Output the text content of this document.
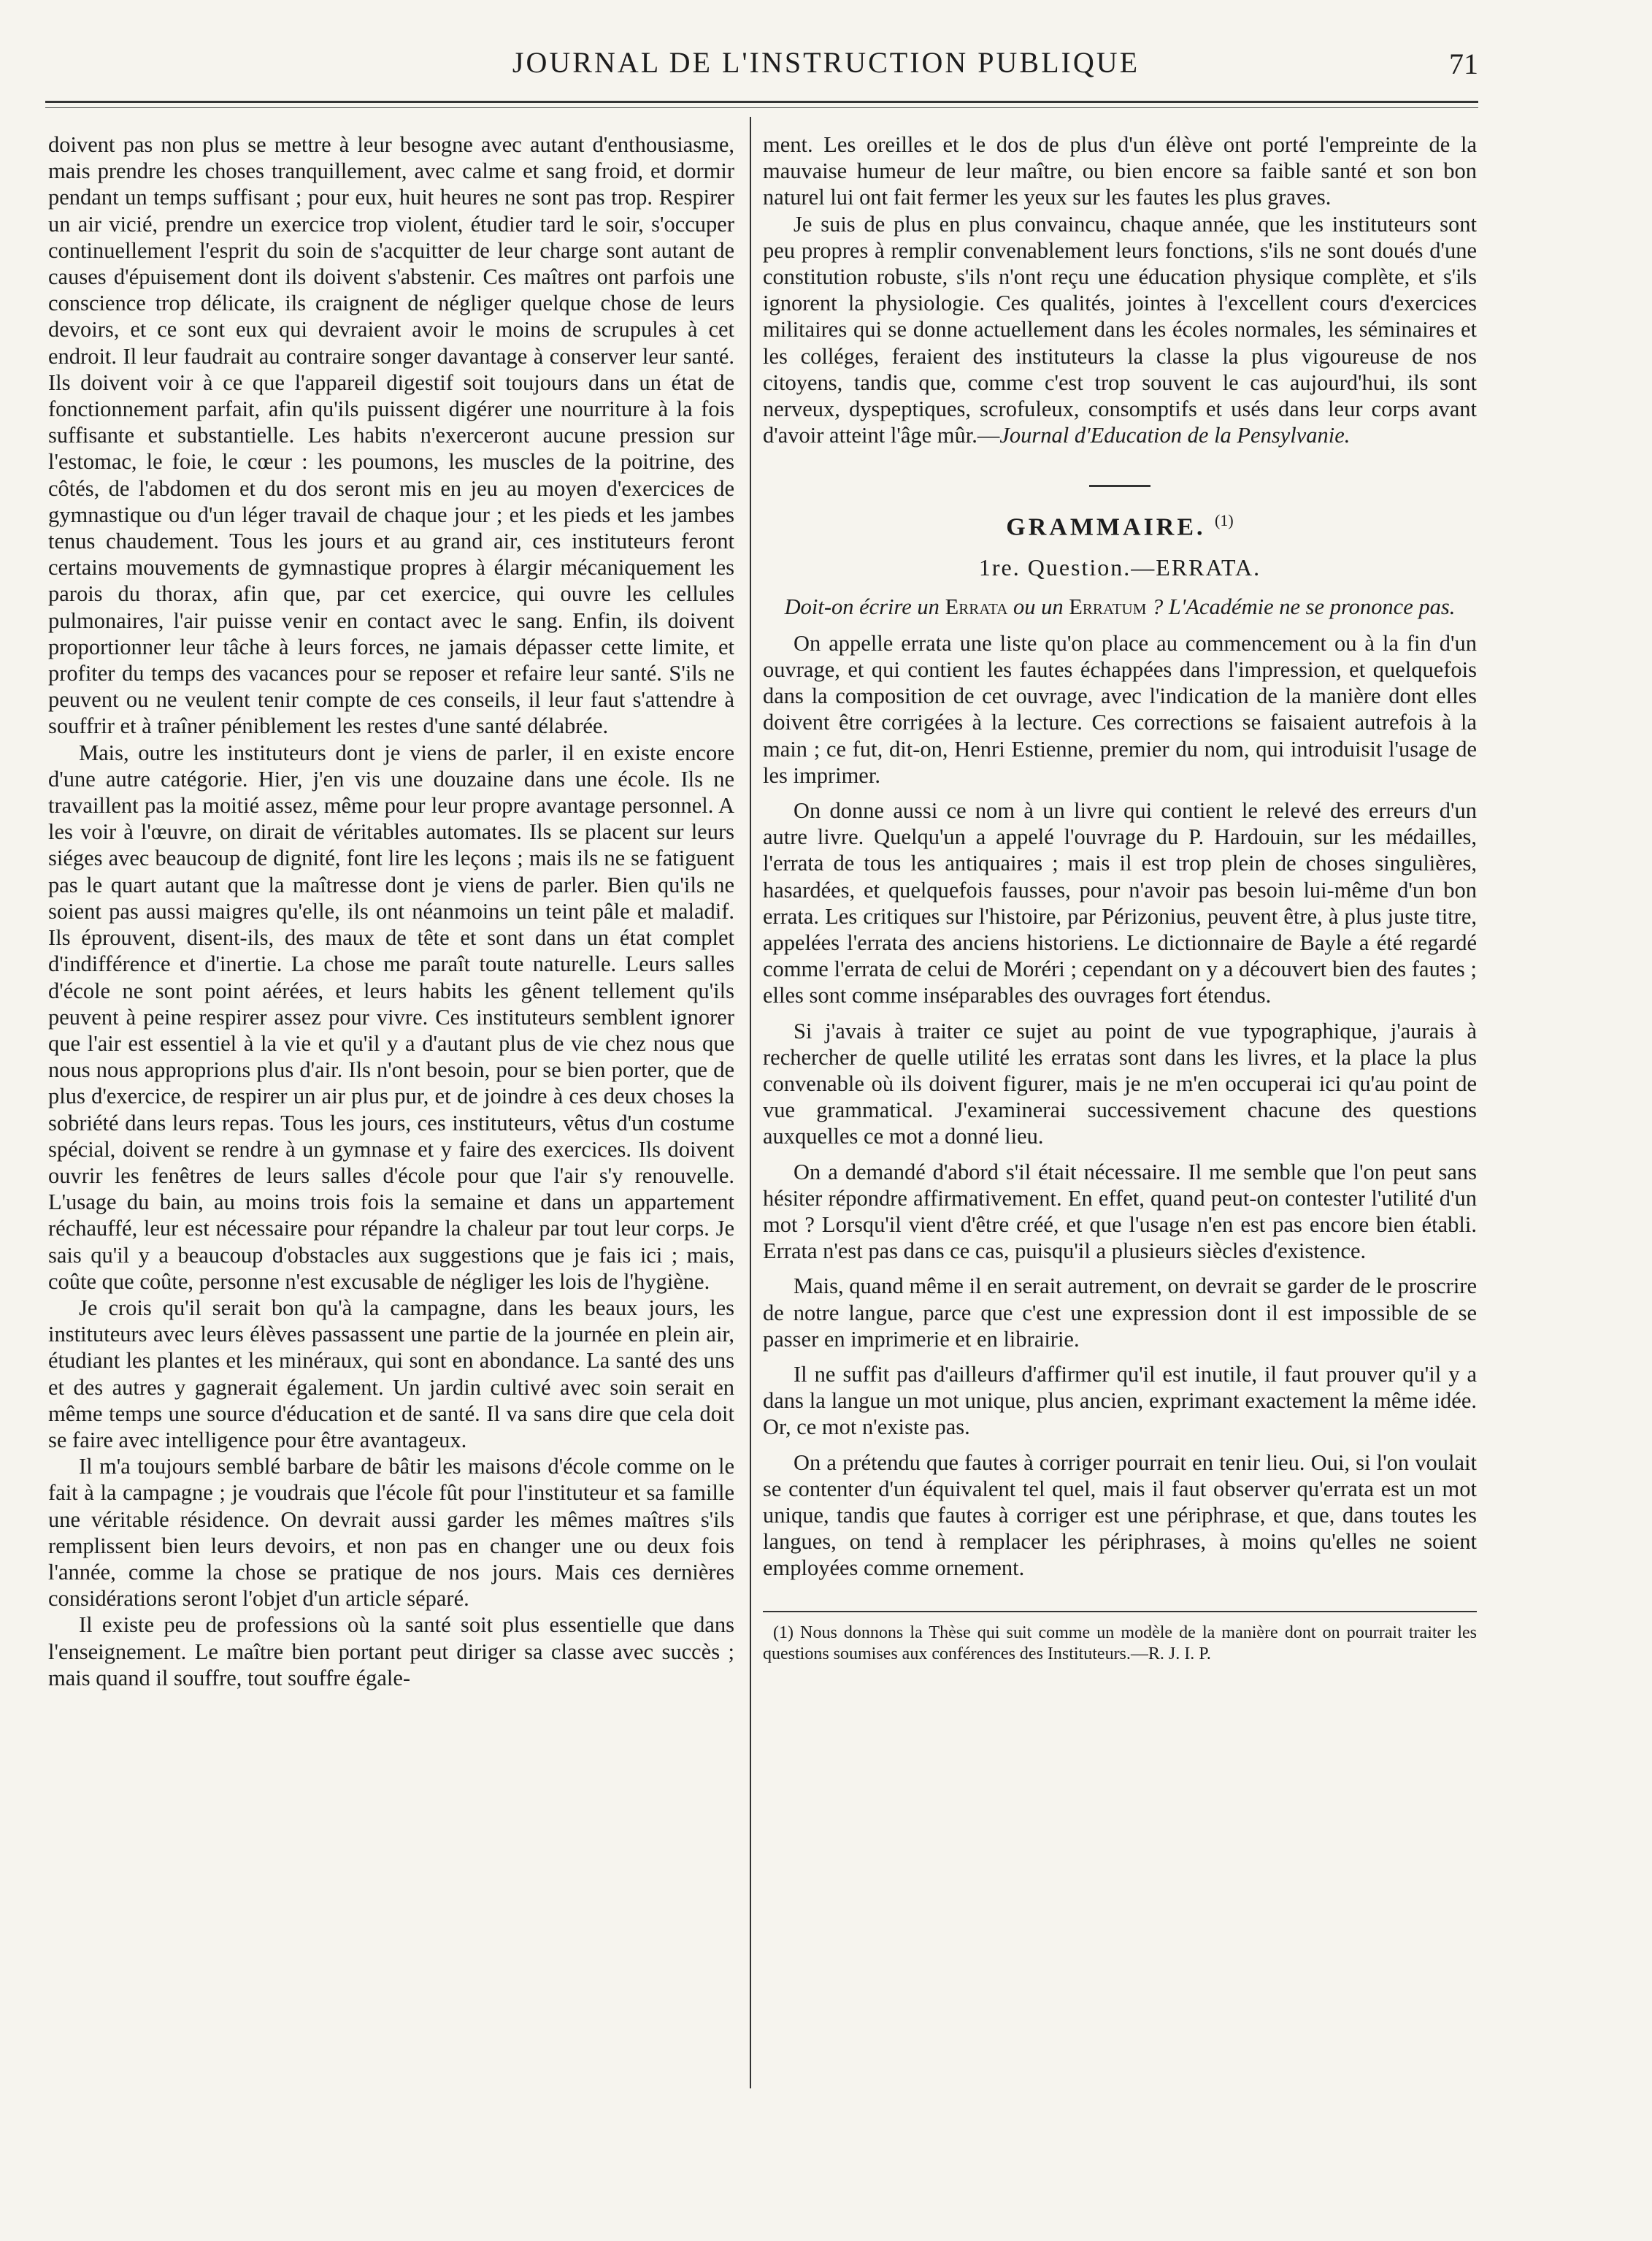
JOURNAL DE L'INSTRUCTION PUBLIQUE	71

doivent pas non plus se mettre à leur besogne avec autant d'enthousiasme, mais prendre les choses tranquillement, avec calme et sang froid, et dormir pendant un temps suffisant ; pour eux, huit heures ne sont pas trop. Respirer un air vicié, prendre un exercice trop violent, étudier tard le soir, s'occuper continuellement l'esprit du soin de s'acquitter de leur charge sont autant de causes d'épuisement dont ils doivent s'abstenir. Ces maîtres ont parfois une conscience trop délicate, ils craignent de négliger quelque chose de leurs devoirs, et ce sont eux qui devraient avoir le moins de scrupules à cet endroit. Il leur faudrait au contraire songer davantage à conserver leur santé. Ils doivent voir à ce que l'appareil digestif soit toujours dans un état de fonctionnement parfait, afin qu'ils puissent digérer une nourriture à la fois suffisante et substantielle. Les habits n'exerceront aucune pression sur l'estomac, le foie, le cœur : les poumons, les muscles de la poitrine, des côtés, de l'abdomen et du dos seront mis en jeu au moyen d'exercices de gymnastique ou d'un léger travail de chaque jour ; et les pieds et les jambes tenus chaudement. Tous les jours et au grand air, ces instituteurs feront certains mouvements de gymnastique propres à élargir mécaniquement les parois du thorax, afin que, par cet exercice, qui ouvre les cellules pulmonaires, l'air puisse venir en contact avec le sang. Enfin, ils doivent proportionner leur tâche à leurs forces, ne jamais dépasser cette limite, et profiter du temps des vacances pour se reposer et refaire leur santé. S'ils ne peuvent ou ne veulent tenir compte de ces conseils, il leur faut s'attendre à souffrir et à traîner péniblement les restes d'une santé délabrée.

Mais, outre les instituteurs dont je viens de parler, il en existe encore d'une autre catégorie. Hier, j'en vis une douzaine dans une école. Ils ne travaillent pas la moitié assez, même pour leur propre avantage personnel. A les voir à l'œuvre, on dirait de véritables automates. Ils se placent sur leurs siéges avec beaucoup de dignité, font lire les leçons ; mais ils ne se fatiguent pas le quart autant que la maîtresse dont je viens de parler. Bien qu'ils ne soient pas aussi maigres qu'elle, ils ont néanmoins un teint pâle et maladif. Ils éprouvent, disent-ils, des maux de tête et sont dans un état complet d'indifférence et d'inertie. La chose me paraît toute naturelle. Leurs salles d'école ne sont point aérées, et leurs habits les gênent tellement qu'ils peuvent à peine respirer assez pour vivre. Ces instituteurs semblent ignorer que l'air est essentiel à la vie et qu'il y a d'autant plus de vie chez nous que nous nous approprions plus d'air. Ils n'ont besoin, pour se bien porter, que de plus d'exercice, de respirer un air plus pur, et de joindre à ces deux choses la sobriété dans leurs repas. Tous les jours, ces instituteurs, vêtus d'un costume spécial, doivent se rendre à un gymnase et y faire des exercices. Ils doivent ouvrir les fenêtres de leurs salles d'école pour que l'air s'y renouvelle. L'usage du bain, au moins trois fois la semaine et dans un appartement réchauffé, leur est nécessaire pour répandre la chaleur par tout leur corps. Je sais qu'il y a beaucoup d'obstacles aux suggestions que je fais ici ; mais, coûte que coûte, personne n'est excusable de négliger les lois de l'hygiène.

Je crois qu'il serait bon qu'à la campagne, dans les beaux jours, les instituteurs avec leurs élèves passassent une partie de la journée en plein air, étudiant les plantes et les minéraux, qui sont en abondance. La santé des uns et des autres y gagnerait également. Un jardin cultivé avec soin serait en même temps une source d'éducation et de santé. Il va sans dire que cela doit se faire avec intelligence pour être avantageux.

Il m'a toujours semblé barbare de bâtir les maisons d'école comme on le fait à la campagne ; je voudrais que l'école fût pour l'instituteur et sa famille une véritable résidence. On devrait aussi garder les mêmes maîtres s'ils remplissent bien leurs devoirs, et non pas en changer une ou deux fois l'année, comme la chose se pratique de nos jours. Mais ces dernières considérations seront l'objet d'un article séparé.

Il existe peu de professions où la santé soit plus essentielle que dans l'enseignement. Le maître bien portant peut diriger sa classe avec succès ; mais quand il souffre, tout souffre égale-

ment. Les oreilles et le dos de plus d'un élève ont porté l'empreinte de la mauvaise humeur de leur maître, ou bien encore sa faible santé et son bon naturel lui ont fait fermer les yeux sur les fautes les plus graves.

Je suis de plus en plus convaincu, chaque année, que les instituteurs sont peu propres à remplir convenablement leurs fonctions, s'ils ne sont doués d'une constitution robuste, s'ils n'ont reçu une éducation physique complète, et s'ils ignorent la physiologie. Ces qualités, jointes à l'excellent cours d'exercices militaires qui se donne actuellement dans les écoles normales, les séminaires et les colléges, feraient des instituteurs la classe la plus vigoureuse de nos citoyens, tandis que, comme c'est trop souvent le cas aujourd'hui, ils sont nerveux, dyspeptiques, scrofuleux, consomptifs et usés dans leur corps avant d'avoir atteint l'âge mûr.—Journal d'Education de la Pensylvanie.

GRAMMAIRE. $^{(1)}$
1re. Question.—ERRATA.
Doit-on écrire un Errata ou un Erratum ? L'Académie ne se prononce pas.

On appelle errata une liste qu'on place au commencement ou à la fin d'un ouvrage, et qui contient les fautes échappées dans l'impression, et quelquefois dans la composition de cet ouvrage, avec l'indication de la manière dont elles doivent être corrigées à la lecture. Ces corrections se faisaient autrefois à la main ; ce fut, dit-on, Henri Estienne, premier du nom, qui introduisit l'usage de les imprimer.

On donne aussi ce nom à un livre qui contient le relevé des erreurs d'un autre livre. Quelqu'un a appelé l'ouvrage du P. Hardouin, sur les médailles, l'errata de tous les antiquaires ; mais il est trop plein de choses singulières, hasardées, et quelquefois fausses, pour n'avoir pas besoin lui-même d'un bon errata. Les critiques sur l'histoire, par Périzonius, peuvent être, à plus juste titre, appelées l'errata des anciens historiens. Le dictionnaire de Bayle a été regardé comme l'errata de celui de Moréri ; cependant on y a découvert bien des fautes ; elles sont comme inséparables des ouvrages fort étendus.

Si j'avais à traiter ce sujet au point de vue typographique, j'aurais à rechercher de quelle utilité les erratas sont dans les livres, et la place la plus convenable où ils doivent figurer, mais je ne m'en occuperai ici qu'au point de vue grammatical. J'examinerai successivement chacune des questions auxquelles ce mot a donné lieu.

On a demandé d'abord s'il était nécessaire. Il me semble que l'on peut sans hésiter répondre affirmativement. En effet, quand peut-on contester l'utilité d'un mot ? Lorsqu'il vient d'être créé, et que l'usage n'en est pas encore bien établi. Errata n'est pas dans ce cas, puisqu'il a plusieurs siècles d'existence.

Mais, quand même il en serait autrement, on devrait se garder de le proscrire de notre langue, parce que c'est une expression dont il est impossible de se passer en imprimerie et en librairie.

Il ne suffit pas d'ailleurs d'affirmer qu'il est inutile, il faut prouver qu'il y a dans la langue un mot unique, plus ancien, exprimant exactement la même idée. Or, ce mot n'existe pas.

On a prétendu que fautes à corriger pourrait en tenir lieu. Oui, si l'on voulait se contenter d'un équivalent tel quel, mais il faut observer qu'errata est un mot unique, tandis que fautes à corriger est une périphrase, et que, dans toutes les langues, on tend à remplacer les périphrases, à moins qu'elles ne soient employées comme ornement.

(1) Nous donnons la Thèse qui suit comme un modèle de la manière dont on pourrait traiter les questions soumises aux conférences des Instituteurs.—R. J. I. P.
